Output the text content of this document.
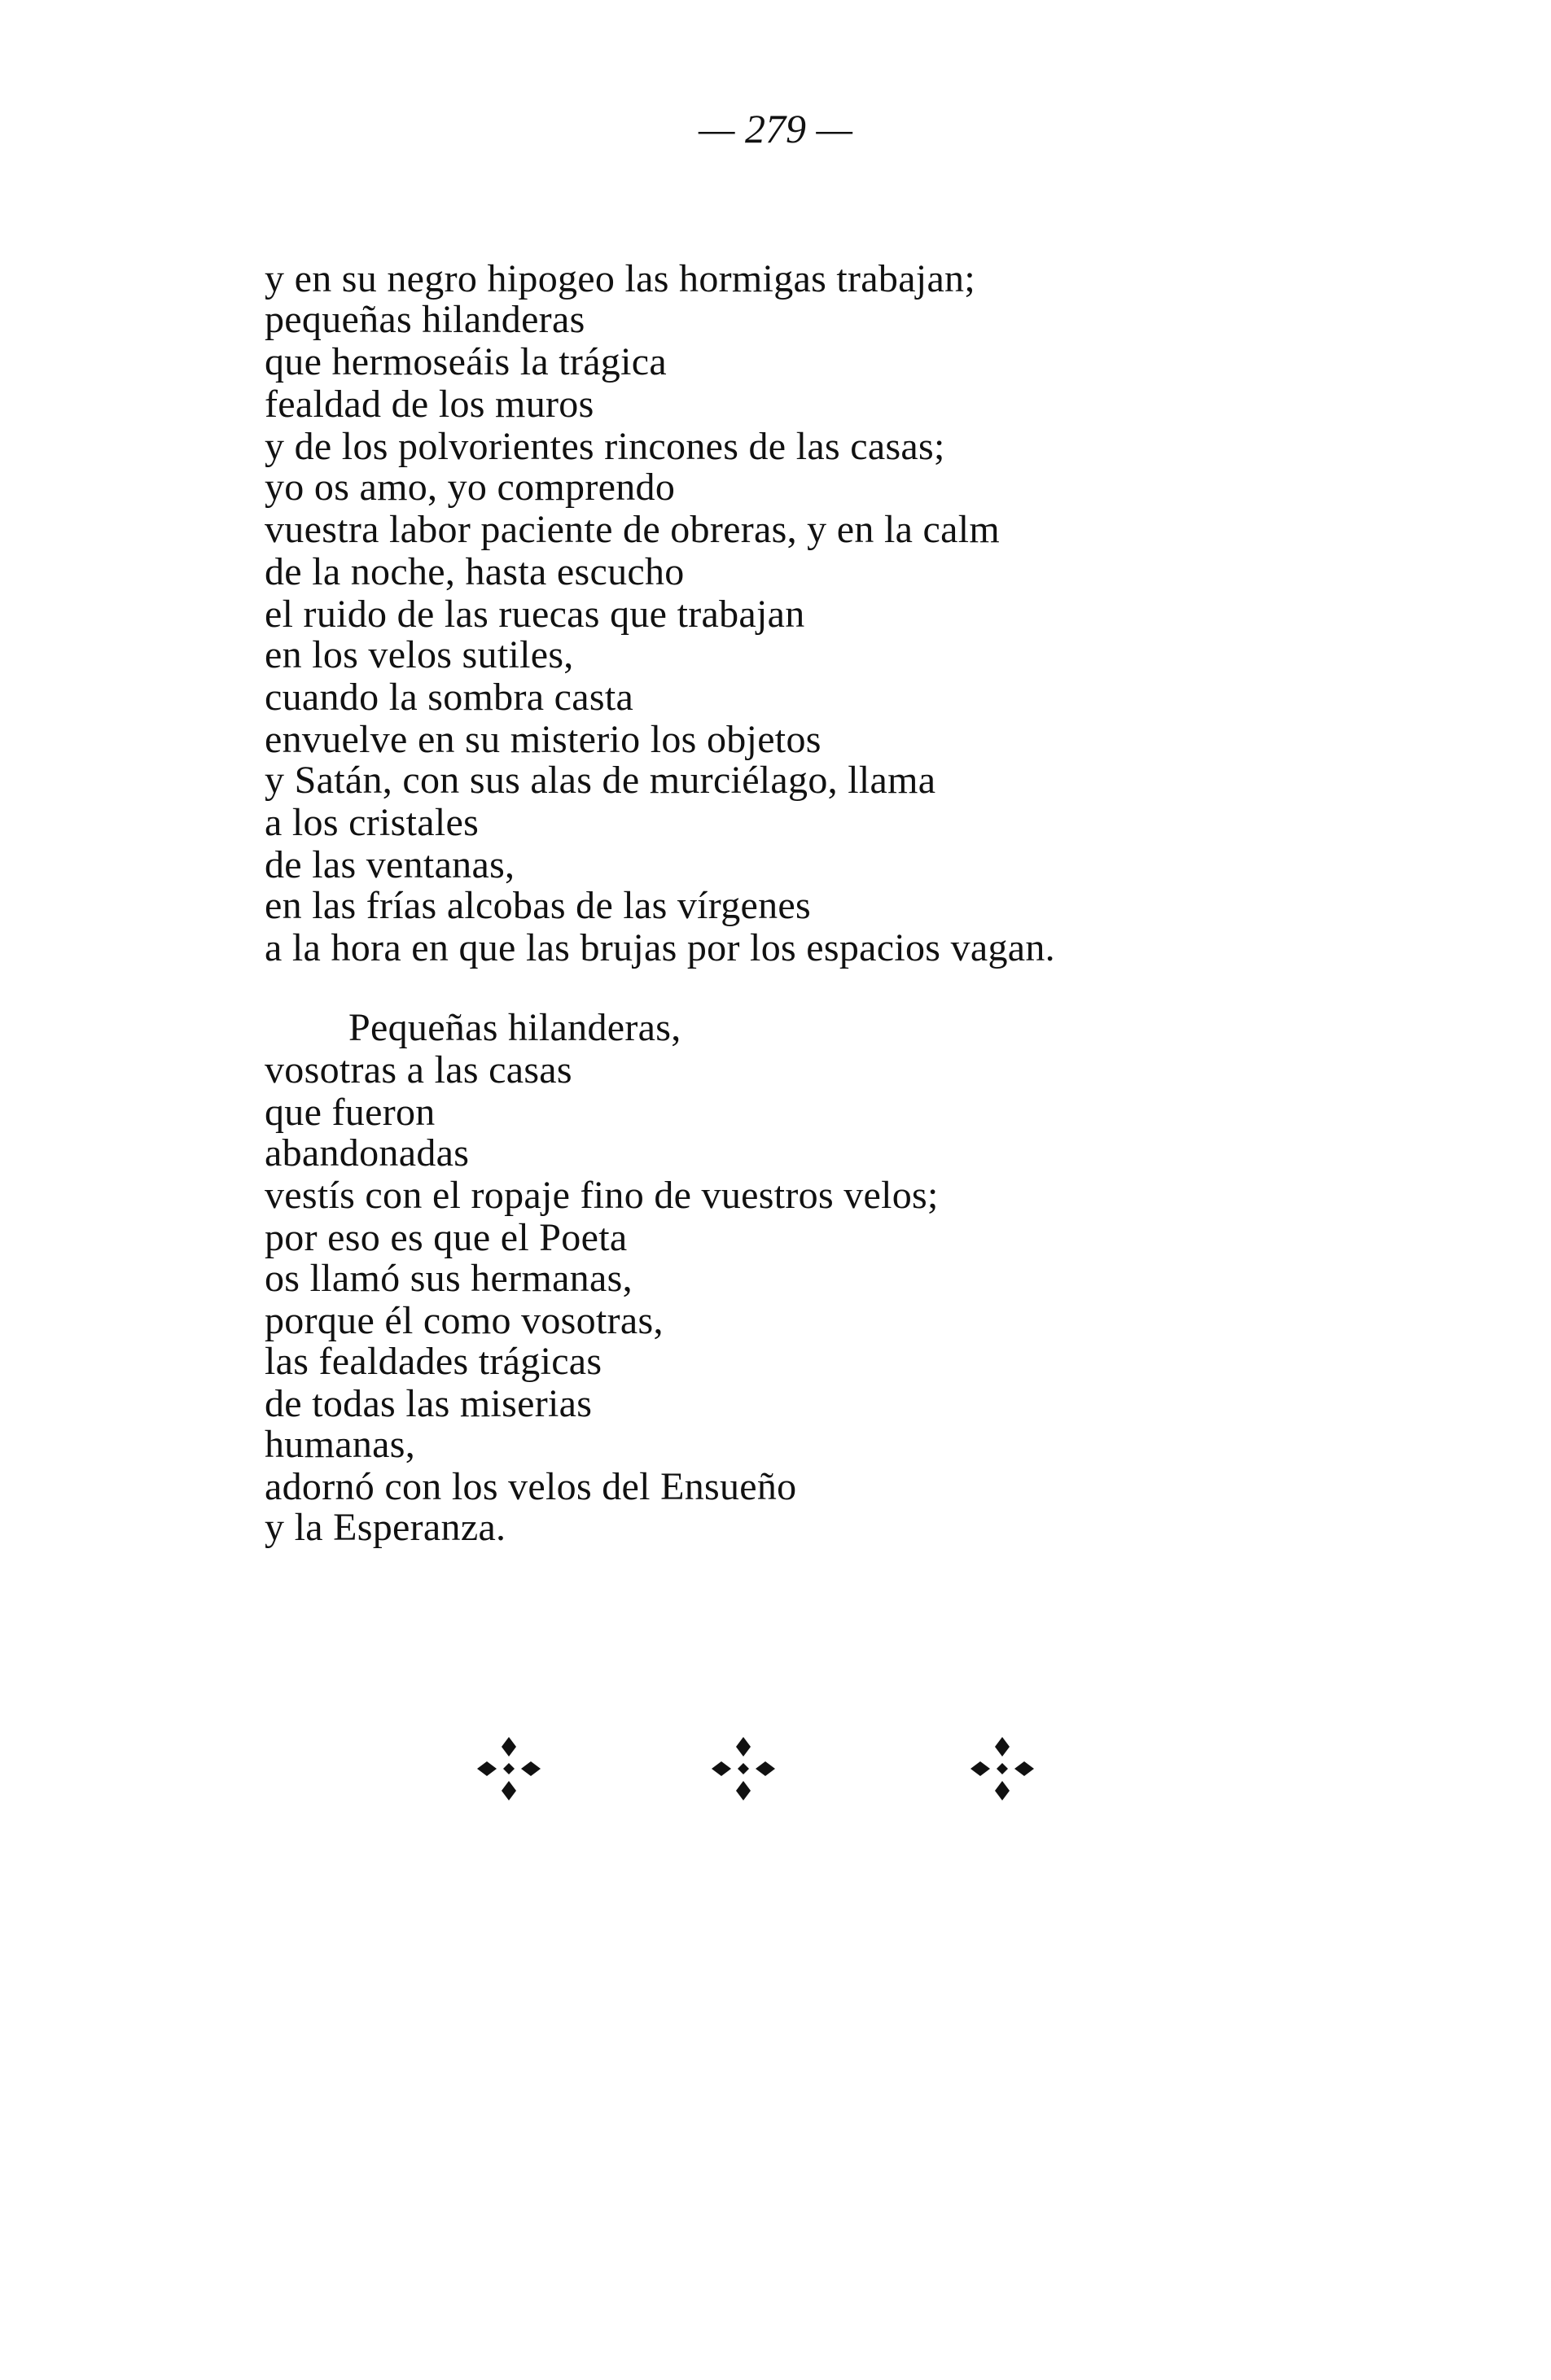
— 279 —
y en su negro hipogeo las hormigas trabajan;
pequeñas hilanderas
que hermoseáis la trágica
fealdad de los muros
y de los polvorientes rincones de las casas;
yo os amo, yo comprendo
vuestra labor paciente de obreras, y en la calm
de la noche, hasta escucho
el ruido de las ruecas que trabajan
en los velos sutiles,
cuando la sombra casta
envuelve en su misterio los objetos
y Satán, con sus alas de murciélago, llama
a los cristales
de las ventanas,
en las frías alcobas de las vírgenes
a la hora en que las brujas por los espacios vagan.
Pequeñas hilanderas,
vosotras a las casas
que fueron
abandonadas
vestís con el ropaje fino de vuestros velos;
por eso es que el Poeta
os llamó sus hermanas,
porque él como vosotras,
las fealdades trágicas
de todas las miserias
humanas,
adornó con los velos del Ensueño
y la Esperanza.
